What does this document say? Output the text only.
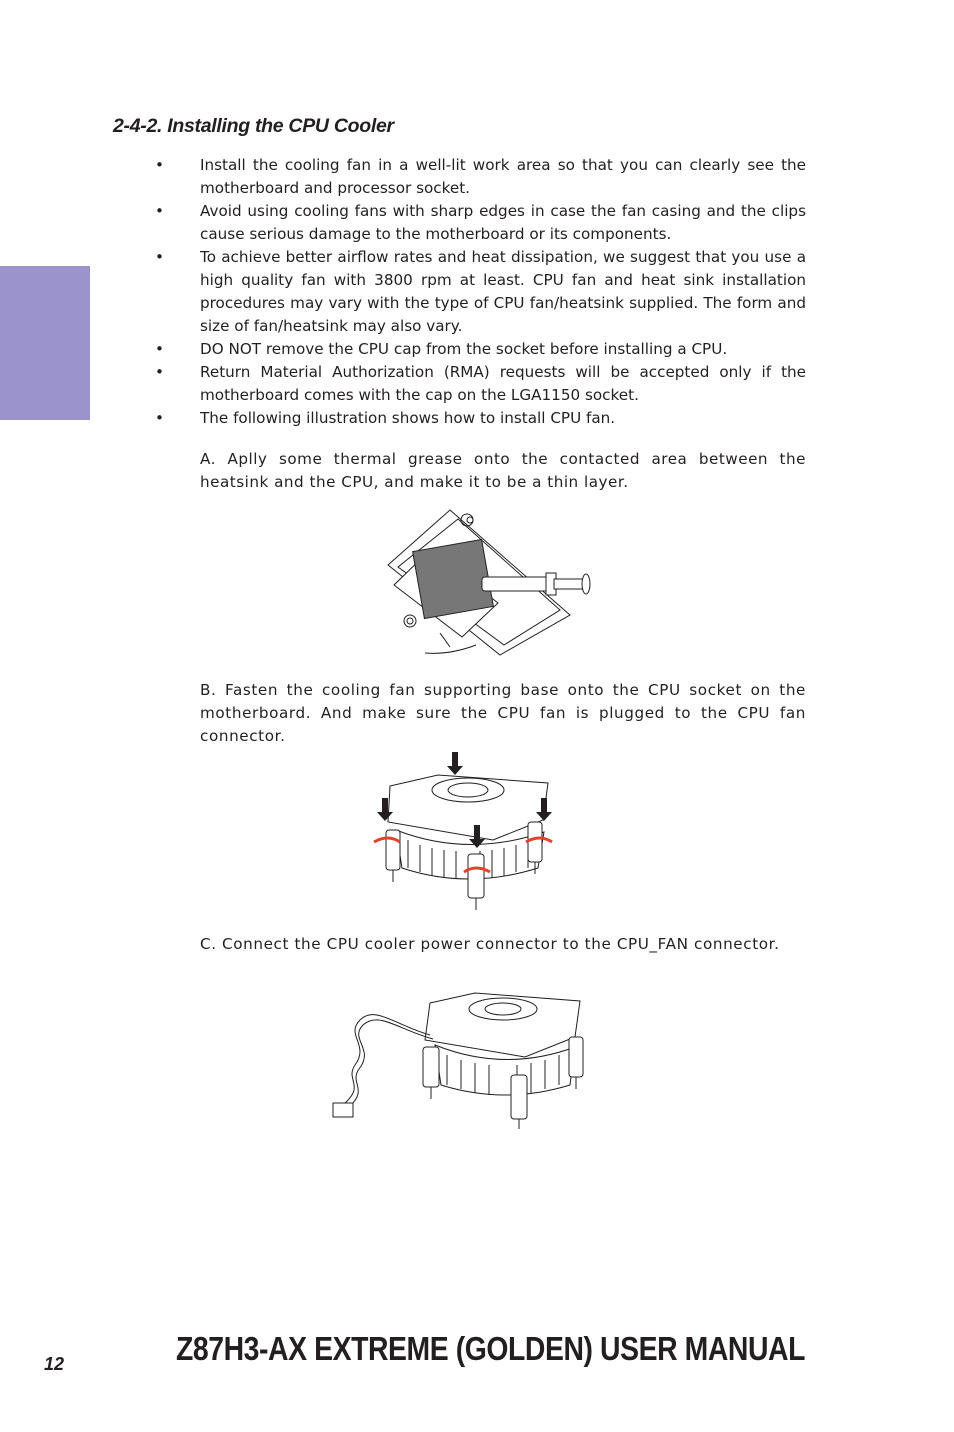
2-4-2. Installing the CPU Cooler
• Install the cooling fan in a well-lit work area so that you can clearly see the motherboard and processor socket.
• Avoid using cooling fans with sharp edges in case the fan casing and the clips cause serious damage to the motherboard or its components.
• To achieve better airflow rates and heat dissipation, we suggest that you use a high quality fan with 3800 rpm at least. CPU fan and heat sink installation procedures may vary with the type of CPU fan/heatsink supplied. The form and size of fan/heatsink may also vary.
• DO NOT remove the CPU cap from the socket before installing a CPU.
• Return Material Authorization (RMA) requests will be accepted only if the motherboard comes with the cap on the LGA1150 socket.
• The following illustration shows how to install CPU fan.

A. Aplly some thermal grease onto the contacted area between the heatsink and the CPU, and make it to be a thin layer.

B. Fasten the cooling fan supporting base onto the CPU socket on the motherboard. And make sure the CPU fan is plugged to the CPU fan connector.

C. Connect the CPU cooler power connector to the CPU_FAN connector.

12	Z87H3-AX EXTREME (GOLDEN) USER MANUAL
